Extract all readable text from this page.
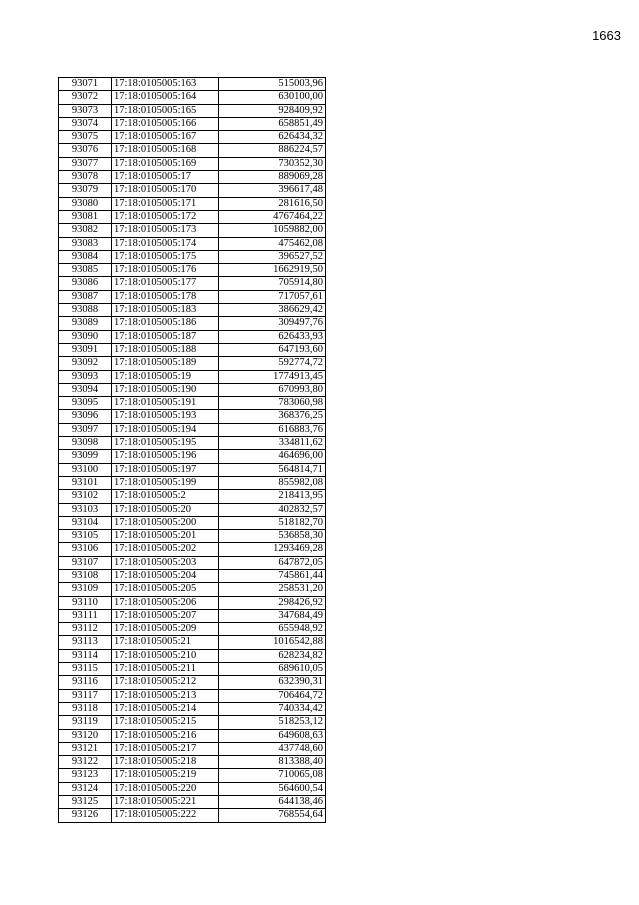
1663
93071	17:18:0105005:163	515003,96
93072	17:18:0105005:164	630100,00
93073	17:18:0105005:165	928409,92
93074	17:18:0105005:166	658851,49
93075	17:18:0105005:167	626434,32
93076	17:18:0105005:168	886224,57
93077	17:18:0105005:169	730352,30
93078	17:18:0105005:17	889069,28
93079	17:18:0105005:170	396617,48
93080	17:18:0105005:171	281616,50
93081	17:18:0105005:172	4767464,22
93082	17:18:0105005:173	1059882,00
93083	17:18:0105005:174	475462,08
93084	17:18:0105005:175	396527,52
93085	17:18:0105005:176	1662919,50
93086	17:18:0105005:177	705914,80
93087	17:18:0105005:178	717057,61
93088	17:18:0105005:183	386629,42
93089	17:18:0105005:186	309497,76
93090	17:18:0105005:187	626433,93
93091	17:18:0105005:188	647193,60
93092	17:18:0105005:189	592774,72
93093	17:18:0105005:19	1774913,45
93094	17:18:0105005:190	670993,80
93095	17:18:0105005:191	783060,98
93096	17:18:0105005:193	368376,25
93097	17:18:0105005:194	616883,76
93098	17:18:0105005:195	334811,62
93099	17:18:0105005:196	464696,00
93100	17:18:0105005:197	564814,71
93101	17:18:0105005:199	855982,08
93102	17:18:0105005:2	218413,95
93103	17:18:0105005:20	402832,57
93104	17:18:0105005:200	518182,70
93105	17:18:0105005:201	536858,30
93106	17:18:0105005:202	1293469,28
93107	17:18:0105005:203	647872,05
93108	17:18:0105005:204	745861,44
93109	17:18:0105005:205	258531,20
93110	17:18:0105005:206	298426,92
93111	17:18:0105005:207	347684,49
93112	17:18:0105005:209	655948,92
93113	17:18:0105005:21	1016542,88
93114	17:18:0105005:210	628234,82
93115	17:18:0105005:211	689610,05
93116	17:18:0105005:212	632390,31
93117	17:18:0105005:213	706464,72
93118	17:18:0105005:214	740334,42
93119	17:18:0105005:215	518253,12
93120	17:18:0105005:216	649608,63
93121	17:18:0105005:217	437748,60
93122	17:18:0105005:218	813388,40
93123	17:18:0105005:219	710065,08
93124	17:18:0105005:220	564600,54
93125	17:18:0105005:221	644138,46
93126	17:18:0105005:222	768554,64
